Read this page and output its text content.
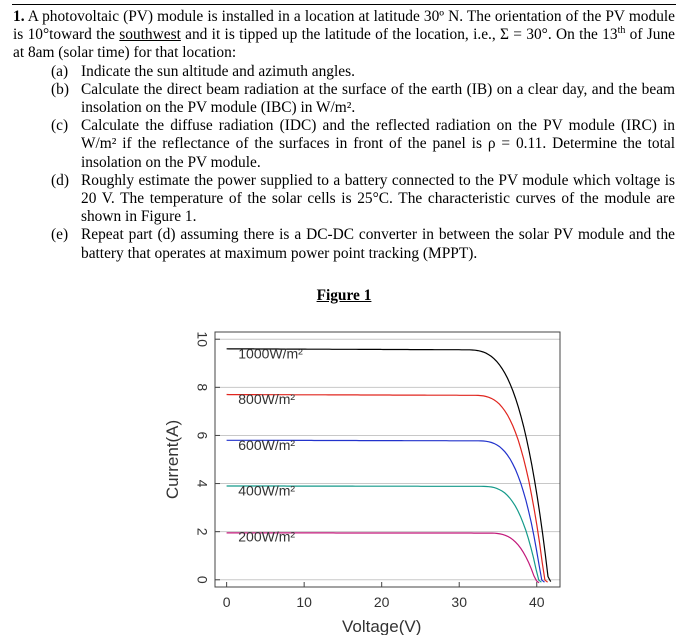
1. A photovoltaic (PV) module is installed in a location at latitude 30º N. The orientation of the PV module is 10°toward the southwest and it is tipped up the latitude of the location, i.e., Σ = 30°. On the 13th of June at 8am (solar time) for that location:

(a) Indicate the sun altitude and azimuth angles.

(b) Calculate the direct beam radiation at the surface of the earth (IB) on a clear day, and the beam insolation on the PV module (IBC) in W/m².

(c) Calculate the diffuse radiation (IDC) and the reflected radiation on the PV module (IRC) in W/m² if the reflectance of the surfaces in front of the panel is ρ = 0.11. Determine the total insolation on the PV module.

(d) Roughly estimate the power supplied to a battery connected to the PV module which voltage is 20 V. The temperature of the solar cells is 25°C. The characteristic curves of the module are shown in Figure 1.

(e) Repeat part (d) assuming there is a DC-DC converter in between the solar PV module and the battery that operates at maximum power point tracking (MPPT).

Figure 1
1000W/m²
800W/m²
600W/m²
400W/m²
200W/m²
0	10	20	30	40
0
2
4
6
8
10
Voltage(V)
Current(A)
